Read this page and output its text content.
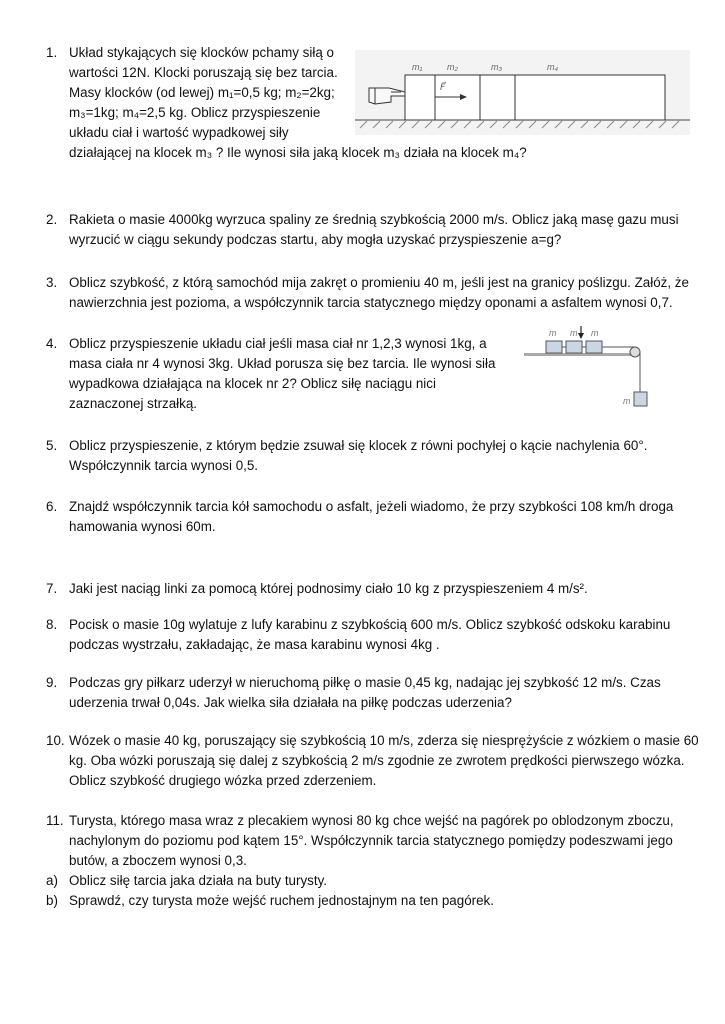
1. Układ stykających się klocków pchamy siłą o
wartości 12N. Klocki poruszają się bez tarcia.
Masy klocków (od lewej) m₁=0,5 kg; m₂=2kg;
m₃=1kg; m₄=2,5 kg. Oblicz przyspieszenie
układu ciał i wartość wypadkowej siły
działającej na klocek m₃ ? Ile wynosi siła jaką klocek m₃ działa na klocek m₄?
2. Rakieta o masie 4000kg wyrzuca spaliny ze średnią szybkością 2000 m/s. Oblicz jaką masę gazu musi
wyrzucić w ciągu sekundy podczas startu, aby mogła uzyskać przyspieszenie a=g?
3. Oblicz szybkość, z którą samochód mija zakręt o promieniu 40 m, jeśli jest na granicy poślizgu. Załóż, że
nawierzchnia jest pozioma, a współczynnik tarcia statycznego między oponami a asfaltem wynosi 0,7.
4. Oblicz przyspieszenie układu ciał jeśli masa ciał nr 1,2,3 wynosi 1kg, a
masa ciała nr 4 wynosi 3kg. Układ porusza się bez tarcia. Ile wynosi siła
wypadkowa działająca na klocek nr 2? Oblicz siłę naciągu nici
zaznaczonej strzałką.
5. Oblicz przyspieszenie, z którym będzie zsuwał się klocek z równi pochyłej o kącie nachylenia 60°.
Współczynnik tarcia wynosi 0,5.
6. Znajdź współczynnik tarcia kół samochodu o asfalt, jeżeli wiadomo, że przy szybkości 108 km/h droga
hamowania wynosi 60m.
7. Jaki jest naciąg linki za pomocą której podnosimy ciało 10 kg z przyspieszeniem 4 m/s².
8. Pocisk o masie 10g wylatuje z lufy karabinu z szybkością 600 m/s. Oblicz szybkość odskoku karabinu
podczas wystrzału, zakładając, że masa karabinu wynosi 4kg .
9. Podczas gry piłkarz uderzył w nieruchomą piłkę o masie 0,45 kg, nadając jej szybkość 12 m/s. Czas
uderzenia trwał 0,04s. Jak wielka siła działała na piłkę podczas uderzenia?
10. Wózek o masie 40 kg, poruszający się szybkością 10 m/s, zderza się niesprężyście z wózkiem o masie 60
kg. Oba wózki poruszają się dalej z szybkością 2 m/s zgodnie ze zwrotem prędkości pierwszego wózka.
Oblicz szybkość drugiego wózka przed zderzeniem.
11. Turysta, którego masa wraz z plecakiem wynosi 80 kg chce wejść na pagórek po oblodzonym zboczu,
nachylonym do poziomu pod kątem 15°. Współczynnik tarcia statycznego pomiędzy podeszwami jego
butów, a zboczem wynosi 0,3.
a) Oblicz siłę tarcia jaka działa na buty turysty.
b) Sprawdź, czy turysta może wejść ruchem jednostajnym na ten pagórek.
m₁	m₂	m₃	m₄
F⃗
m m m
m
